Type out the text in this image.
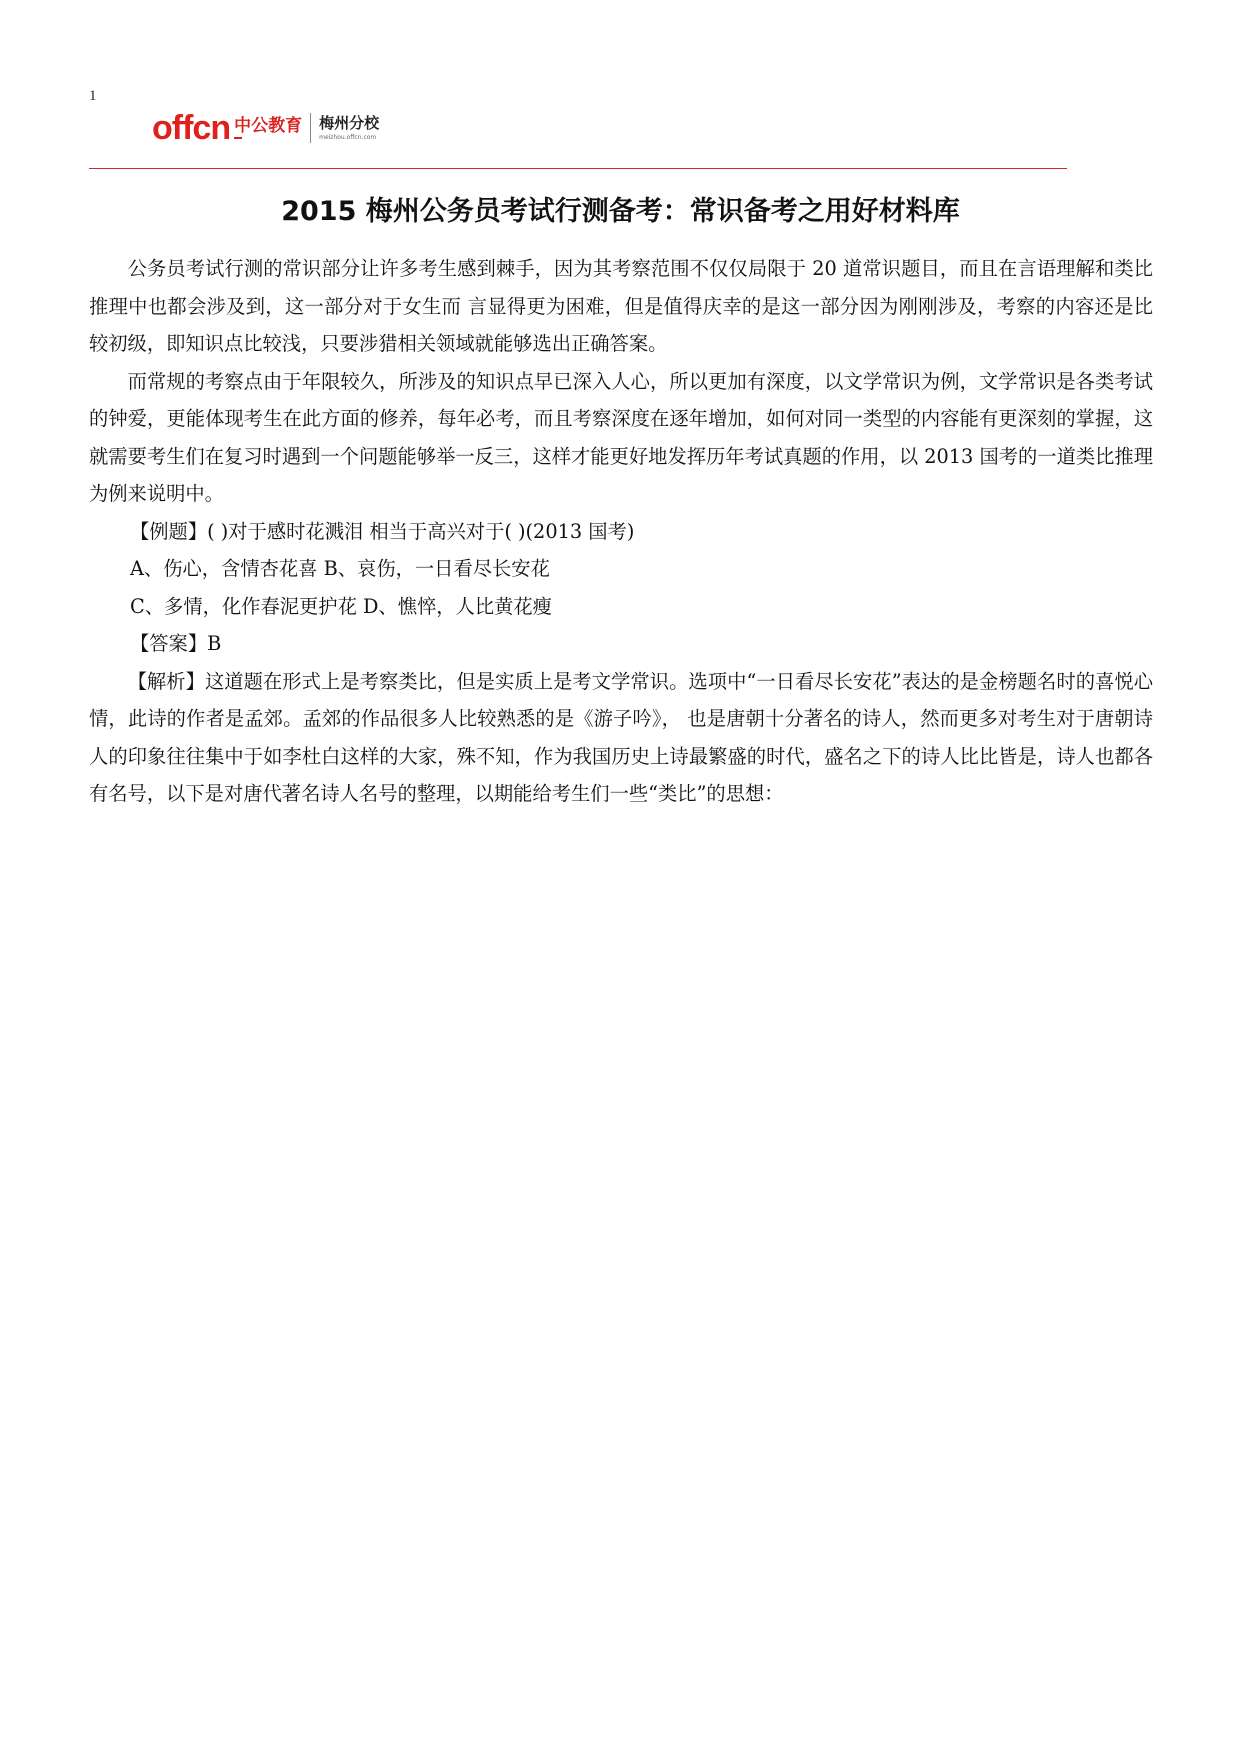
1
offcn 中公教育 梅州分校
meizhou.offcn.com
2015 梅州公务员考试行测备考：常识备考之用好材料库

公务员考试行测的常识部分让许多考生感到棘手，因为其考察范围不仅仅局限于 20 道常识题目，而且在言语理解和类比推理中也都会涉及到，这一部分对于女生而 言显得更为困难，但是值得庆幸的是这一部分因为刚刚涉及，考察的内容还是比较初级，即知识点比较浅，只要涉猎相关领域就能够选出正确答案。

而常规的考察点由于年限较久，所涉及的知识点早已深入人心，所以更加有深度，以文学常识为例，文学常识是各类考试的钟爱，更能体现考生在此方面的修养，每年必考，而且考察深度在逐年增加，如何对同一类型的内容能有更深刻的掌握，这就需要考生们在复习时遇到一个问题能够举一反三，这样才能更好地发挥历年考试真题的作用，以 2013 国考的一道类比推理为例来说明中。

【例题】( )对于感时花溅泪 相当于高兴对于( )(2013 国考)

A、伤心，含情杏花喜 B、哀伤，一日看尽长安花

C、多情，化作春泥更护花 D、憔悴，人比黄花瘦

【答案】B

【解析】这道题在形式上是考察类比，但是实质上是考文学常识。选项中“一日看尽长安花”表达的是金榜题名时的喜悦心情，此诗的作者是孟郊。孟郊的作品很多人比较熟悉的是《游子吟》， 也是唐朝十分著名的诗人，然而更多对考生对于唐朝诗人的印象往往集中于如李杜白这样的大家，殊不知，作为我国历史上诗最繁盛的时代，盛名之下的诗人比比皆是，诗人也都各有名号，以下是对唐代著名诗人名号的整理，以期能给考生们一些“类比”的思想：
